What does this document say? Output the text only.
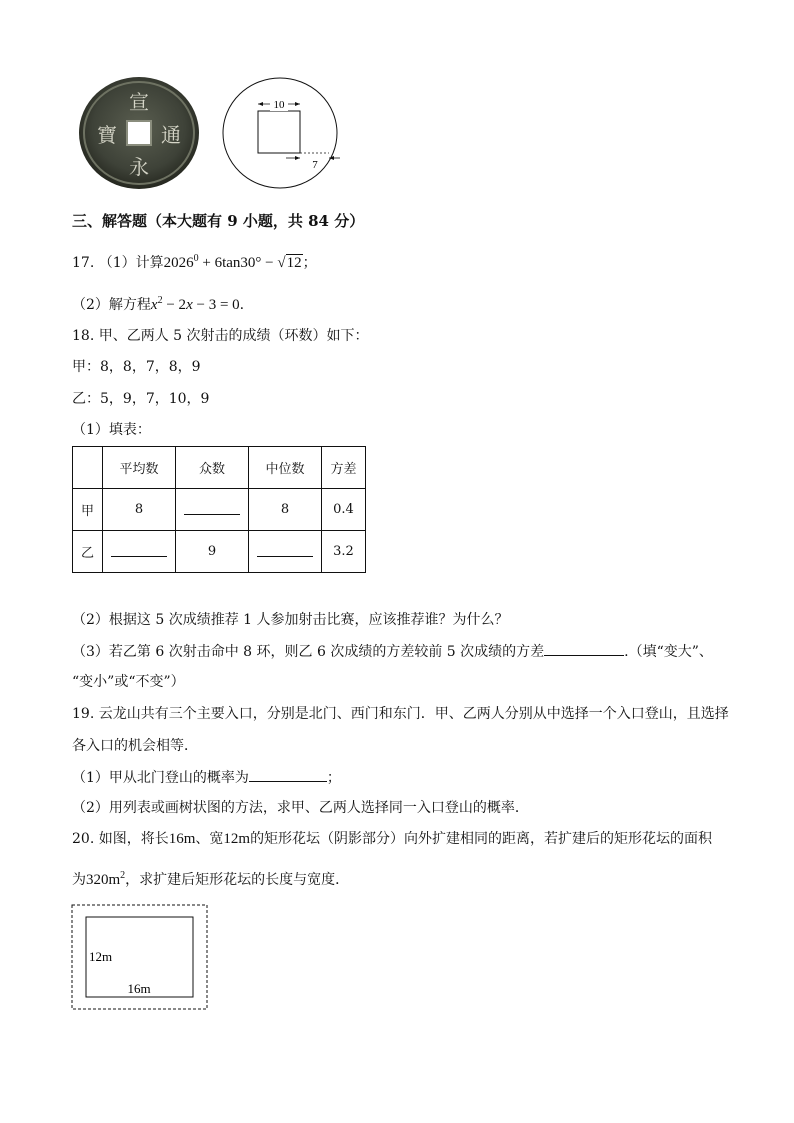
宣
通
永
寶
10
7
三、解答题（本大题有 9 小题，共 84 分）
17. （1）计算$2026^0 + 6\tan 30^\circ - √12$；
（2）解方程$x^2 - 2x - 3 = 0$.
18. 甲、乙两人 5 次射击的成绩（环数）如下：
甲：8，8，7，8，9
乙：5，9，7，10，9
（1）填表：
	平均数	众数	中位数	方差
甲	8		8	0.4
乙		9		3.2
（2）根据这 5 次成绩推荐 1 人参加射击比赛，应该推荐谁？为什么？
（3）若乙第 6 次射击命中 8 环，则乙 6 次成绩的方差较前 5 次成绩的方差	.（填“变大”、
“变小”或“不变”）
19. 云龙山共有三个主要入口，分别是北门、西门和东门．甲、乙两人分别从中选择一个入口登山，且选择
各入口的机会相等．
（1）甲从北门登山的概率为	；
（2）用列表或画树状图的方法，求甲、乙两人选择同一入口登山的概率．
20. 如图，将长16m、宽12m的矩形花坛（阴影部分）向外扩建相同的距离，若扩建后的矩形花坛的面积
为$320m^2$，求扩建后矩形花坛的长度与宽度．
12m
16m
